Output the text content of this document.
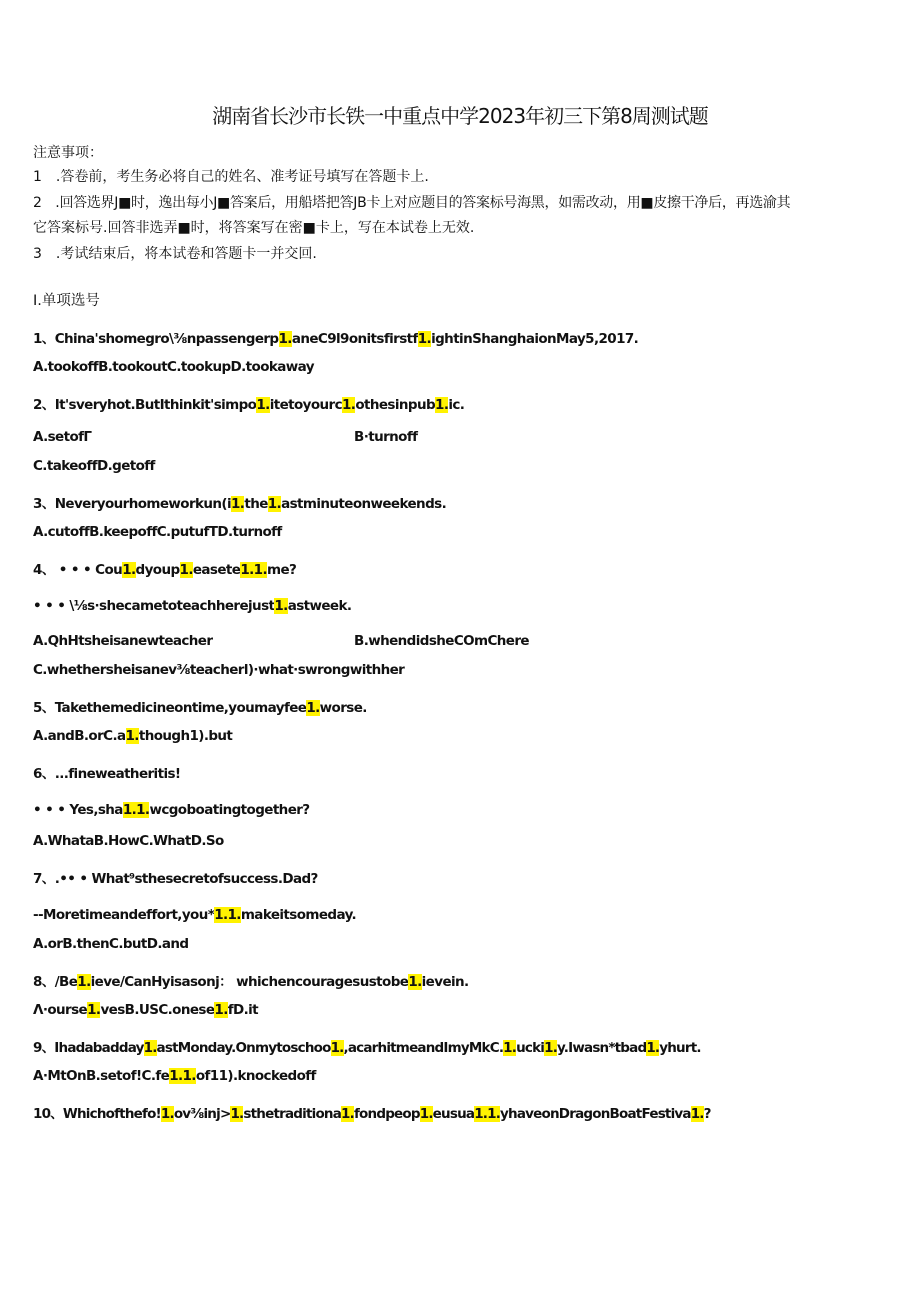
湖南省长沙市长铁一中重点中学2023年初三下第8周测试题
注意事项：
1　.答卷前，考生务必将自己的姓名、准考证号填写在答题卡上.
2　.回答选界J■时，逸出每小J■答案后，用船塔把答JB卡上对应题目的答案标号海黑，如需改动，用■皮擦干净后，再选渝其
它答案标号.回答非选弄■时，将答案写在密■卡上，写在本试卷上无效.
3　.考试结束后，将本试卷和答题卡一并交回.
I.单项选号
1、China'shomegro\⅜npassengerp1.aneC9l9onitsfirstf1.ightinShanghaionMay5,2017.
A.tookoffB.tookoutC.tookupD.tookaway
2、It'sveryhot.ButIthinkit'simpo1.itetoyourc1.othesinpub1.ic.
A.setofΓ	B·turnoff
C.takeoffD.getoff
3、Neveryourhomeworkun(i1.the1.astminuteonweekends.
A.cutoffB.keepoffC.putufTD.turnoff
4、 • • • Cou1.dyoup1.easete1.1.me?
• • • \⅛s·shecametoteachherejust1.astweek.
A.QhHtsheisanewteacher	B.whendidsheCOmChere
C.whethersheisanev⅜teacherl)·what·swrongwithher
5、Takethemedicineontime,youmayfee1.worse.
A.andB.orC.a1.though1).but
6、...fineweatheritis!
• • • Yes,sha1.1.wcgoboatingtogether?
A.WhataB.HowC.WhatD.So
7、.•• • What⁹sthesecretofsuccess.Dad?
--Moretimeandeffort,you*1.1.makeitsomeday.
A.orB.thenC.butD.and
8、/Be1.ieve/CanHyisasonj： whichencouragesustobe1.ievein.
Λ·ourse1.vesB.USC.onese1.fD.it
9、Ihadabadday1.astMonday.Onmytoschoo1.,acarhitmeandImyMkC.1.ucki1.y.Iwasn*tbad1.yhurt.
A·MtOnB.setof!C.fe1.1.of11).knockedoff
10、Whichofthefo!1.ov⅜inj>1.sthetraditiona1.fondpeop1.eusua1.1.yhaveonDragonBoatFestiva1.?
